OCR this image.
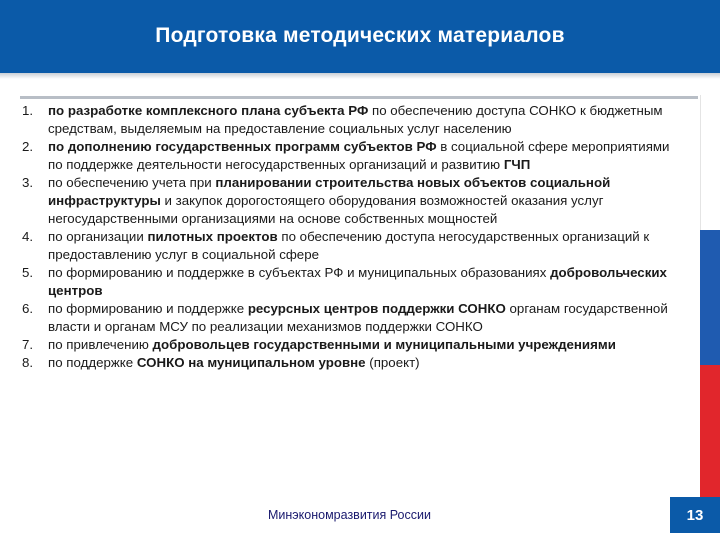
Подготовка методических материалов
1.	по разработке комплексного плана субъекта РФ по обеспечению доступа СОНКО к бюджетным средствам, выделяемым на предоставление социальных услуг населению
2.	по дополнению государственных программ субъектов РФ в социальной сфере мероприятиями по поддержке деятельности негосударственных организаций и развитию ГЧП
3.	по обеспечению учета при планировании строительства новых объектов социальной инфраструктуры и закупок дорогостоящего оборудования возможностей оказания услуг негосударственными организациями на основе собственных мощностей
4.	по организации пилотных проектов по обеспечению доступа негосударственных организаций к предоставлению услуг в социальной сфере
5.	по формированию и поддержке в субъектах РФ и муниципальных образованиях добровольческих центров
6.	по формированию и поддержке ресурсных центров поддержки СОНКО органам государственной власти и органам МСУ по реализации механизмов поддержки СОНКО
7.	по привлечению добровольцев государственными и муниципальными учреждениями
8.	по поддержке СОНКО на муниципальном уровне (проект)
Минэкономразвития России	13
